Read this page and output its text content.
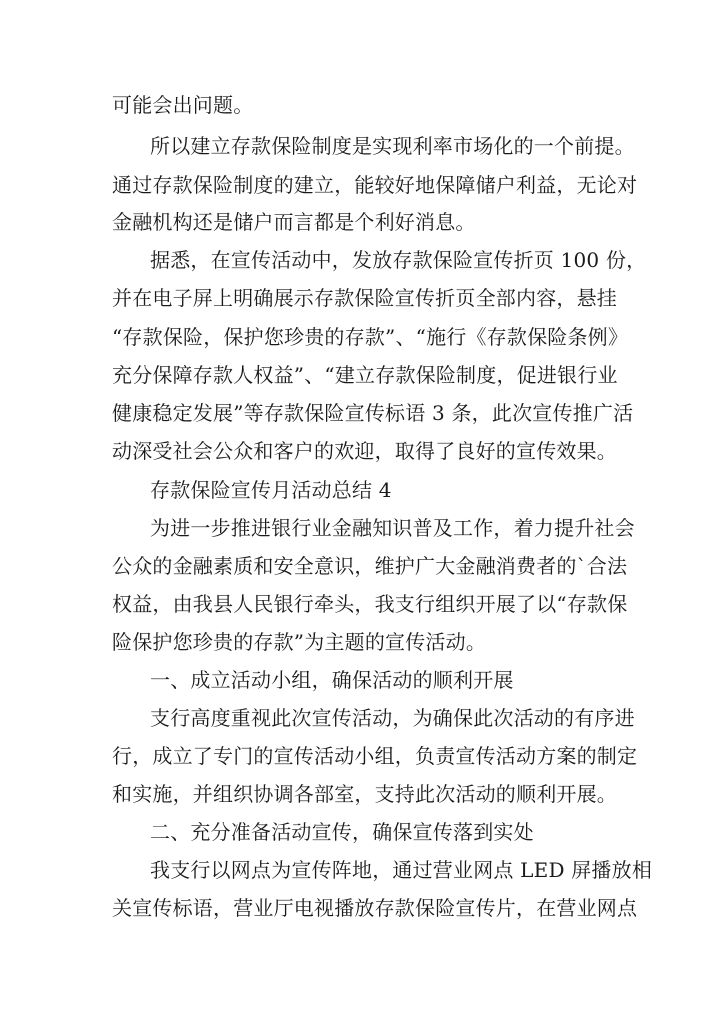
可能会出问题。
所以建立存款保险制度是实现利率市场化的一个前提。
通过存款保险制度的建立，能较好地保障储户利益，无论对
金融机构还是储户而言都是个利好消息。
据悉，在宣传活动中，发放存款保险宣传折页 100 份，
并在电子屏上明确展示存款保险宣传折页全部内容，悬挂
“存款保险，保护您珍贵的存款”、“施行《存款保险条例》
充分保障存款人权益”、“建立存款保险制度，促进银行业
健康稳定发展”等存款保险宣传标语 3 条，此次宣传推广活
动深受社会公众和客户的欢迎，取得了良好的宣传效果。
存款保险宣传月活动总结 4
为进一步推进银行业金融知识普及工作，着力提升社会
公众的金融素质和安全意识，维护广大金融消费者的`合法
权益，由我县人民银行牵头，我支行组织开展了以“存款保
险保护您珍贵的存款”为主题的宣传活动。
一、成立活动小组，确保活动的顺利开展
支行高度重视此次宣传活动，为确保此次活动的有序进
行，成立了专门的宣传活动小组，负责宣传活动方案的制定
和实施，并组织协调各部室，支持此次活动的顺利开展。
二、充分准备活动宣传，确保宣传落到实处
我支行以网点为宣传阵地，通过营业网点 LED 屏播放相
关宣传标语，营业厅电视播放存款保险宣传片，在营业网点
